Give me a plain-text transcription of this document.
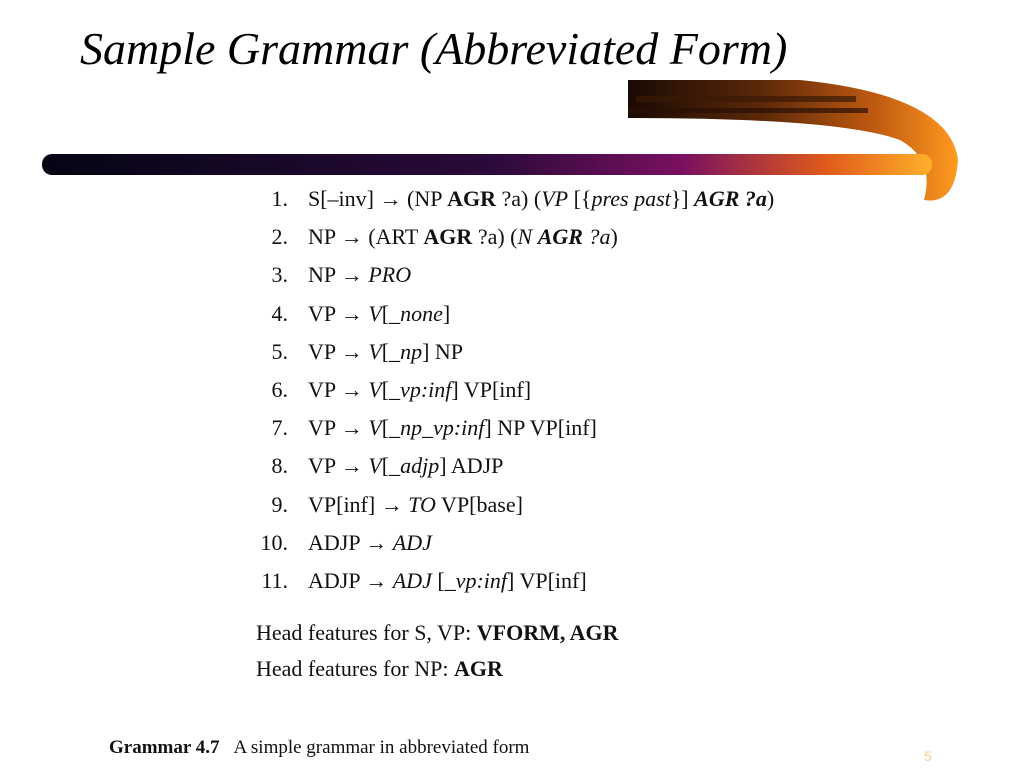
Sample Grammar (Abbreviated Form)
1. S[–inv] → (NP AGR ?a) (VP [{pres past}] AGR ?a)
2. NP → (ART AGR ?a) (N AGR ?a)
3. NP → PRO
4. VP → V[_none]
5. VP → V[_np] NP
6. VP → V[_vp:inf] VP[inf]
7. VP → V[_np_vp:inf] NP VP[inf]
8. VP → V[_adjp] ADJP
9. VP[inf] → TO VP[base]
10. ADJP → ADJ
11. ADJP → ADJ [_vp:inf] VP[inf]
Head features for S, VP: VFORM, AGR
Head features for NP: AGR
Grammar 4.7 A simple grammar in abbreviated form	5
